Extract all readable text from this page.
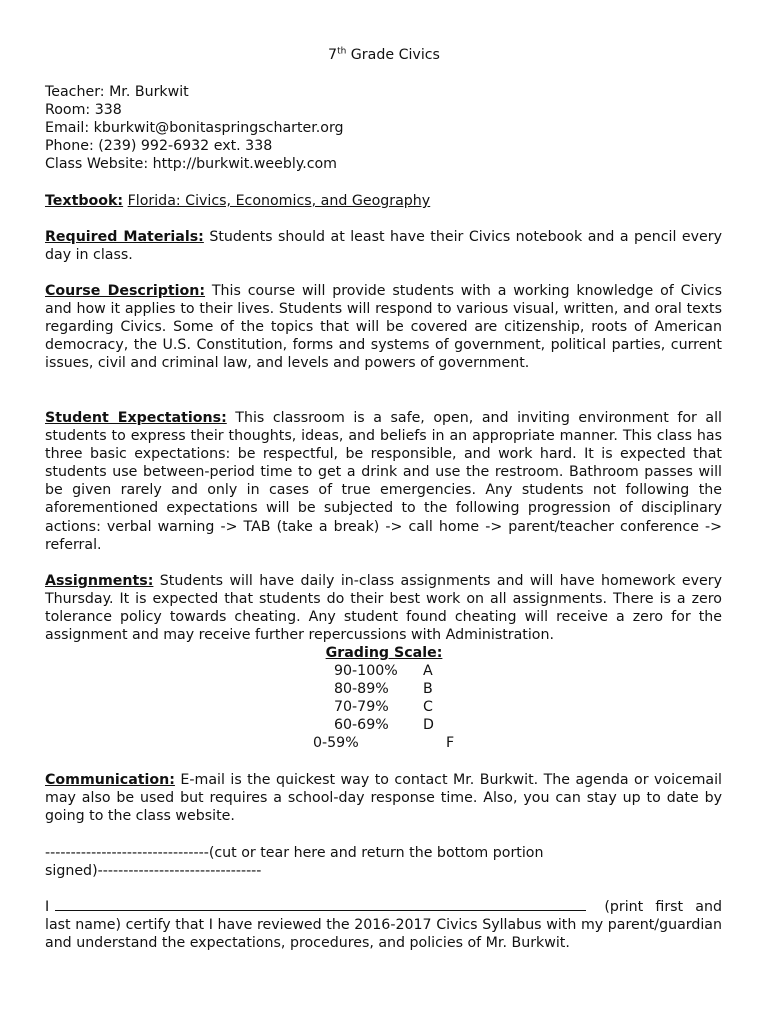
7th Grade Civics
Teacher: Mr. Burkwit
Room: 338
Email: kburkwit@bonitaspringscharter.org
Phone: (239) 992-6932 ext. 338
Class Website: http://burkwit.weebly.com
Textbook: Florida: Civics, Economics, and Geography
Required Materials: Students should at least have their Civics notebook and a pencil every day in class.
Course Description: This course will provide students with a working knowledge of Civics and how it applies to their lives. Students will respond to various visual, written, and oral texts regarding Civics. Some of the topics that will be covered are citizenship, roots of American democracy, the U.S. Constitution, forms and systems of government, political parties, current issues, civil and criminal law, and levels and powers of government.
Student Expectations: This classroom is a safe, open, and inviting environment for all students to express their thoughts, ideas, and beliefs in an appropriate manner. This class has three basic expectations: be respectful, be responsible, and work hard. It is expected that students use between-period time to get a drink and use the restroom. Bathroom passes will be given rarely and only in cases of true emergencies. Any students not following the aforementioned expectations will be subjected to the following progression of disciplinary actions: verbal warning -> TAB (take a break) -> call home -> parent/teacher conference -> referral.
Assignments: Students will have daily in-class assignments and will have homework every Thursday. It is expected that students do their best work on all assignments. There is a zero tolerance policy towards cheating. Any student found cheating will receive a zero for the assignment and may receive further repercussions with Administration.
Grading Scale:
90-100% A
80-89% B
70-79% C
60-69% D
0-59%	F
Communication: E-mail is the quickest way to contact Mr. Burkwit. The agenda or voicemail may also be used but requires a school-day response time. Also, you can stay up to date by going to the class website.
--------------------------------(cut or tear here and return the bottom portion
signed)--------------------------------
I	(print first and last name) certify that I have reviewed the 2016-2017 Civics Syllabus with my parent/guardian and understand the expectations, procedures, and policies of Mr. Burkwit.
